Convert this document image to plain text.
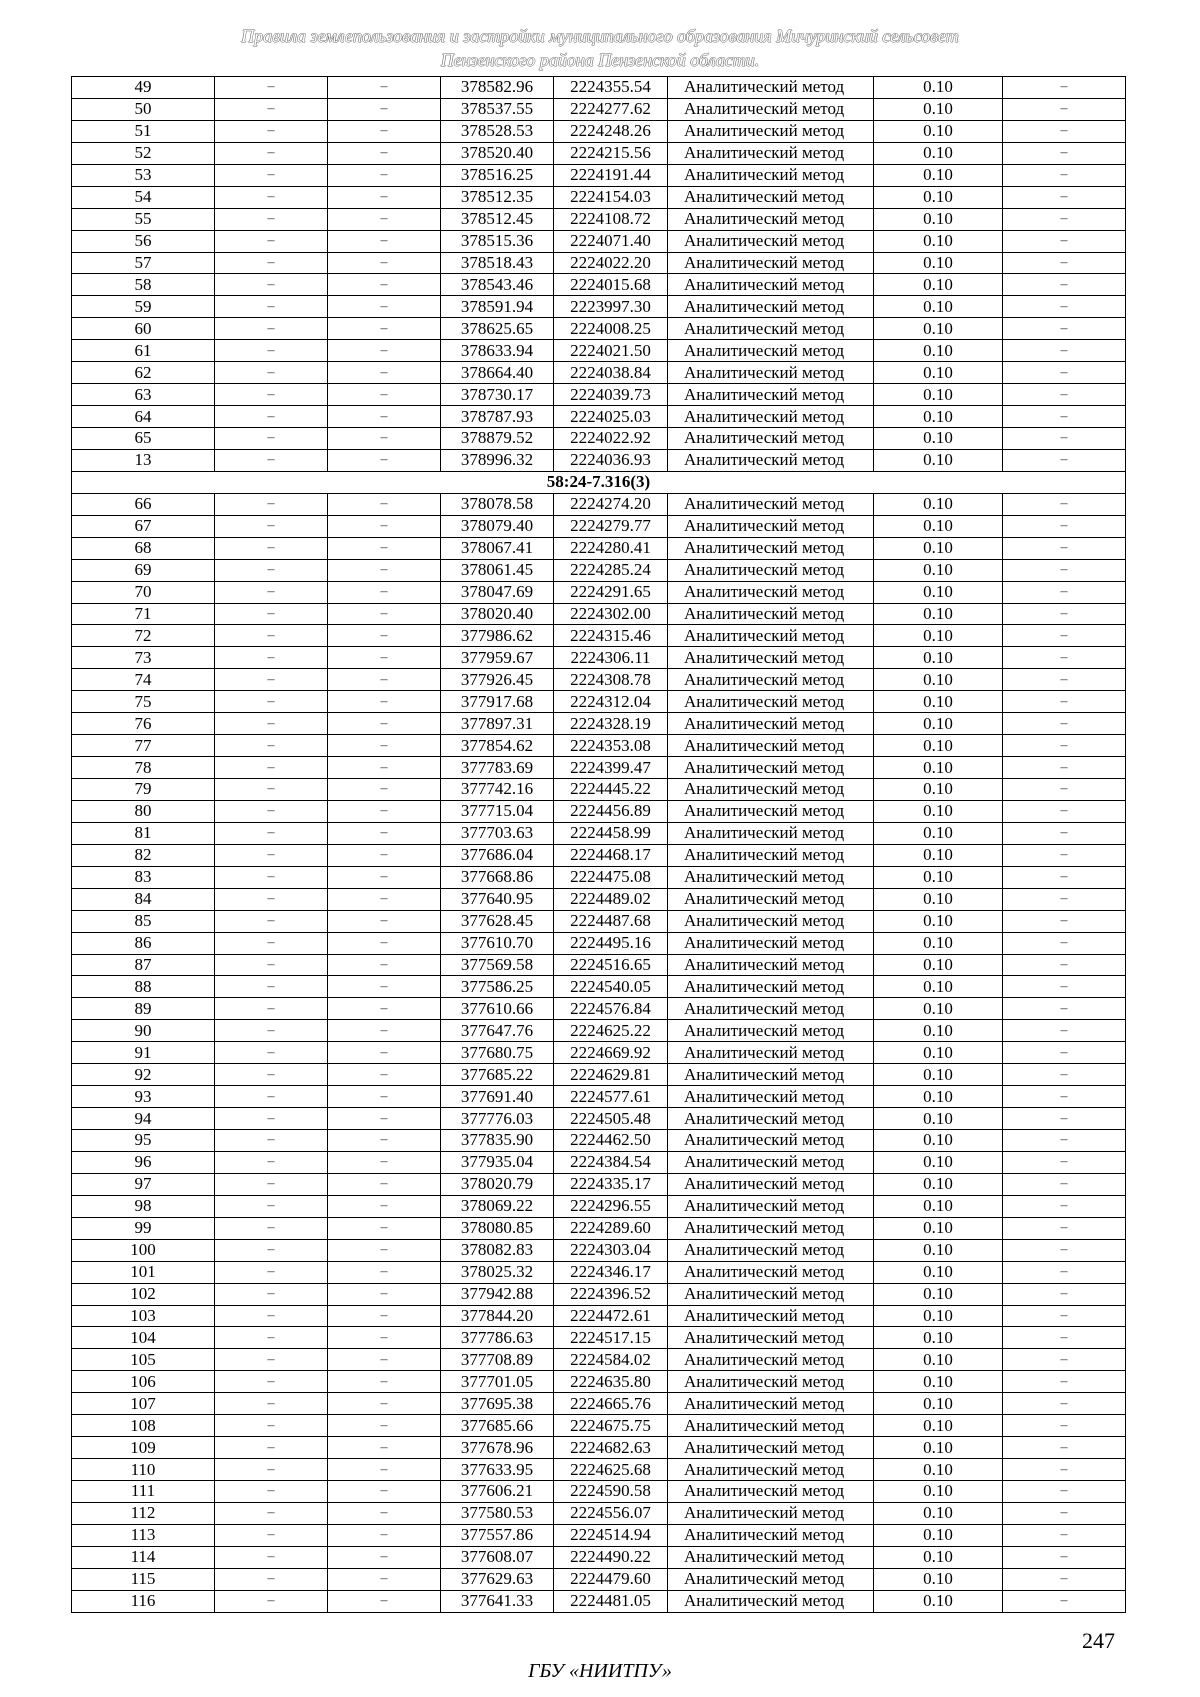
Правила землепользования и застройки муниципального образования Мичуринский сельсовет
Пензенского района Пензенской области.
49	–	–	378582.96	2224355.54	Аналитический метод	0.10	–
50	–	–	378537.55	2224277.62	Аналитический метод	0.10	–
51	–	–	378528.53	2224248.26	Аналитический метод	0.10	–
52	–	–	378520.40	2224215.56	Аналитический метод	0.10	–
53	–	–	378516.25	2224191.44	Аналитический метод	0.10	–
54	–	–	378512.35	2224154.03	Аналитический метод	0.10	–
55	–	–	378512.45	2224108.72	Аналитический метод	0.10	–
56	–	–	378515.36	2224071.40	Аналитический метод	0.10	–
57	–	–	378518.43	2224022.20	Аналитический метод	0.10	–
58	–	–	378543.46	2224015.68	Аналитический метод	0.10	–
59	–	–	378591.94	2223997.30	Аналитический метод	0.10	–
60	–	–	378625.65	2224008.25	Аналитический метод	0.10	–
61	–	–	378633.94	2224021.50	Аналитический метод	0.10	–
62	–	–	378664.40	2224038.84	Аналитический метод	0.10	–
63	–	–	378730.17	2224039.73	Аналитический метод	0.10	–
64	–	–	378787.93	2224025.03	Аналитический метод	0.10	–
65	–	–	378879.52	2224022.92	Аналитический метод	0.10	–
13	–	–	378996.32	2224036.93	Аналитический метод	0.10	–
58:24-7.316(3)							
66	–	–	378078.58	2224274.20	Аналитический метод	0.10	–
67	–	–	378079.40	2224279.77	Аналитический метод	0.10	–
68	–	–	378067.41	2224280.41	Аналитический метод	0.10	–
69	–	–	378061.45	2224285.24	Аналитический метод	0.10	–
70	–	–	378047.69	2224291.65	Аналитический метод	0.10	–
71	–	–	378020.40	2224302.00	Аналитический метод	0.10	–
72	–	–	377986.62	2224315.46	Аналитический метод	0.10	–
73	–	–	377959.67	2224306.11	Аналитический метод	0.10	–
74	–	–	377926.45	2224308.78	Аналитический метод	0.10	–
75	–	–	377917.68	2224312.04	Аналитический метод	0.10	–
76	–	–	377897.31	2224328.19	Аналитический метод	0.10	–
77	–	–	377854.62	2224353.08	Аналитический метод	0.10	–
78	–	–	377783.69	2224399.47	Аналитический метод	0.10	–
79	–	–	377742.16	2224445.22	Аналитический метод	0.10	–
80	–	–	377715.04	2224456.89	Аналитический метод	0.10	–
81	–	–	377703.63	2224458.99	Аналитический метод	0.10	–
82	–	–	377686.04	2224468.17	Аналитический метод	0.10	–
83	–	–	377668.86	2224475.08	Аналитический метод	0.10	–
84	–	–	377640.95	2224489.02	Аналитический метод	0.10	–
85	–	–	377628.45	2224487.68	Аналитический метод	0.10	–
86	–	–	377610.70	2224495.16	Аналитический метод	0.10	–
87	–	–	377569.58	2224516.65	Аналитический метод	0.10	–
88	–	–	377586.25	2224540.05	Аналитический метод	0.10	–
89	–	–	377610.66	2224576.84	Аналитический метод	0.10	–
90	–	–	377647.76	2224625.22	Аналитический метод	0.10	–
91	–	–	377680.75	2224669.92	Аналитический метод	0.10	–
92	–	–	377685.22	2224629.81	Аналитический метод	0.10	–
93	–	–	377691.40	2224577.61	Аналитический метод	0.10	–
94	–	–	377776.03	2224505.48	Аналитический метод	0.10	–
95	–	–	377835.90	2224462.50	Аналитический метод	0.10	–
96	–	–	377935.04	2224384.54	Аналитический метод	0.10	–
97	–	–	378020.79	2224335.17	Аналитический метод	0.10	–
98	–	–	378069.22	2224296.55	Аналитический метод	0.10	–
99	–	–	378080.85	2224289.60	Аналитический метод	0.10	–
100	–	–	378082.83	2224303.04	Аналитический метод	0.10	–
101	–	–	378025.32	2224346.17	Аналитический метод	0.10	–
102	–	–	377942.88	2224396.52	Аналитический метод	0.10	–
103	–	–	377844.20	2224472.61	Аналитический метод	0.10	–
104	–	–	377786.63	2224517.15	Аналитический метод	0.10	–
105	–	–	377708.89	2224584.02	Аналитический метод	0.10	–
106	–	–	377701.05	2224635.80	Аналитический метод	0.10	–
107	–	–	377695.38	2224665.76	Аналитический метод	0.10	–
108	–	–	377685.66	2224675.75	Аналитический метод	0.10	–
109	–	–	377678.96	2224682.63	Аналитический метод	0.10	–
110	–	–	377633.95	2224625.68	Аналитический метод	0.10	–
111	–	–	377606.21	2224590.58	Аналитический метод	0.10	–
112	–	–	377580.53	2224556.07	Аналитический метод	0.10	–
113	–	–	377557.86	2224514.94	Аналитический метод	0.10	–
114	–	–	377608.07	2224490.22	Аналитический метод	0.10	–
115	–	–	377629.63	2224479.60	Аналитический метод	0.10	–
116	–	–	377641.33	2224481.05	Аналитический метод	0.10	–
247
ГБУ «НИИТПУ»
